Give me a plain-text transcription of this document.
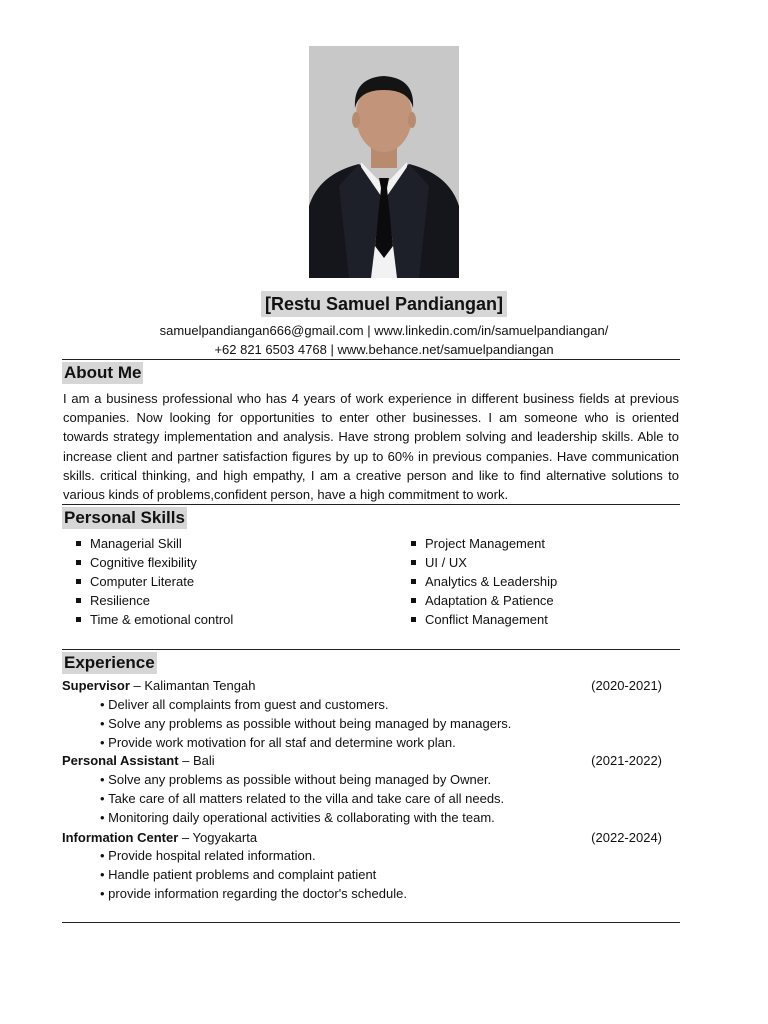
[Restu Samuel Pandiangan]
samuelpandiangan666@gmail.com | www.linkedin.com/in/samuelpandiangan/
+62 821 6503 4768 | www.behance.net/samuelpandiangan
About Me
I am a business professional who has 4 years of work experience in different business fields at previous companies. Now looking for opportunities to enter other businesses. I am someone who is oriented towards strategy implementation and analysis. Have strong problem solving and leadership skills. Able to increase client and partner satisfaction figures by up to 60% in previous companies. Have communication skills. critical thinking, and high empathy, I am a creative person and like to find alternative solutions to various kinds of problems,confident person, have a high commitment to work.
Personal Skills
Managerial Skill
Cognitive flexibility
Computer Literate
Resilience
Time & emotional control
Project Management
UI / UX
Analytics & Leadership
Adaptation & Patience
Conflict Management
Experience
Supervisor – Kalimantan Tengah	(2020-2021)
• Deliver all complaints from guest and customers.
• Solve any problems as possible without being managed by managers.
• Provide work motivation for all staf and determine work plan.
Personal Assistant – Bali	(2021-2022)
• Solve any problems as possible without being managed by Owner.
• Take care of all matters related to the villa and take care of all needs.
• Monitoring daily operational activities & collaborating with the team.
Information Center – Yogyakarta	(2022-2024)
• Provide hospital related information.
• Handle patient problems and complaint patient
• provide information regarding the doctor's schedule.
